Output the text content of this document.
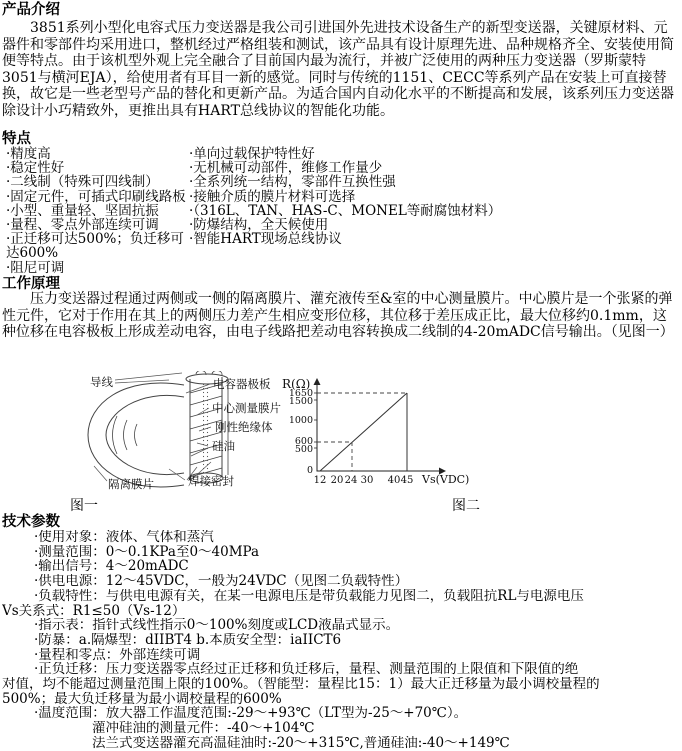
产品介绍

3851系列小型化电容式压力变送器是我公司引进国外先进技术设备生产的新型变送器，关键原材料、元器件和零部件均采用进口，整机经过严格组装和测试，该产品具有设计原理先进、品种规格齐全、安装使用简便等特点。由于该机型外观上完全融合了目前国内最为流行，并被广泛使用的两种压力变送器（罗斯蒙特3051与横河EJA），给使用者有耳目一新的感觉。同时与传统的1151、CECC等系列产品在安装上可直接替换，故它是一些老型号产品的替化和更新产品。为适合国内自动化水平的不断提高和发展，该系列压力变送器除设计小巧精致外，更推出具有HART总线协议的智能化功能。

特点
·精度高	·单向过载保护特性好
·稳定性好	·无机械可动部件，维修工作量少
·二线制（特殊可四线制）	·全系列统一结构，零部件互换性强
·固定元件，可插式印刷线路板 ·接触介质的膜片材料可选择
·小型、重量轻、坚固抗振	·（316L、TAN、HAS-C、MONEL等耐腐蚀材料）
·量程、零点外部连续可调	·防爆结构，全天候使用
·正迁移可达500%；负迁移可达600%
·智能HART现场总线协议
·阻尼可调
工作原理

压力变送器过程通过两侧或一侧的隔离膜片、灌充液传至&室的中心测量膜片。中心膜片是一个张紧的弹性元件，它对于作用在其上的两侧压力差产生相应变形位移，其位移于差压成正比，最大位移约0.1mm，这种位移在电容极板上形成差动电容，由电子线路把差动电容转换成二线制的4-20mADC信号输出。（见图一）

导线	电容器极板
中心测量膜片
刚性绝缘体
硅油
焊接密封
隔离膜片
R(Ω)
1650
1500
1000
600
500
0
12 20 24 30 40 45 Vs(VDC)
图一	图二
技术参数
·使用对象：液体、气体和蒸汽
·测量范围：0～0.1KPa至0～40MPa
·输出信号：4～20mADC
·供电电源：12～45VDC，一般为24VDC（见图二负载特性）
·负载特性：与供电电源有关，在某一电源电压是带负载能力见图二，负载阻抗RL与电源电压
Vs关系式：R1≤50（Vs-12）
·指示表：指针式线性指示0～100%刻度或LCD液晶式显示。
·防暴：a.隔爆型：dIIBT4 b.本质安全型：iaIICT6
·量程和零点：外部连续可调
·正负迁移：压力变送器零点经过正迁移和负迁移后，量程、测量范围的上限值和下限值的绝
对值，均不能超过测量范围上限的100%。（智能型：量程比15：1）最大正迁移量为最小调校量程的
500%；最大负迁移量为最小调校量程的600%
·温度范围：放大器工作温度范围:-29～+93℃（LT型为-25～+70℃）。
灌冲硅油的测量元件：-40～+104℃
法兰式变送器灌充高温硅油时:-20～+315℃,普通硅油:-40～+149℃
